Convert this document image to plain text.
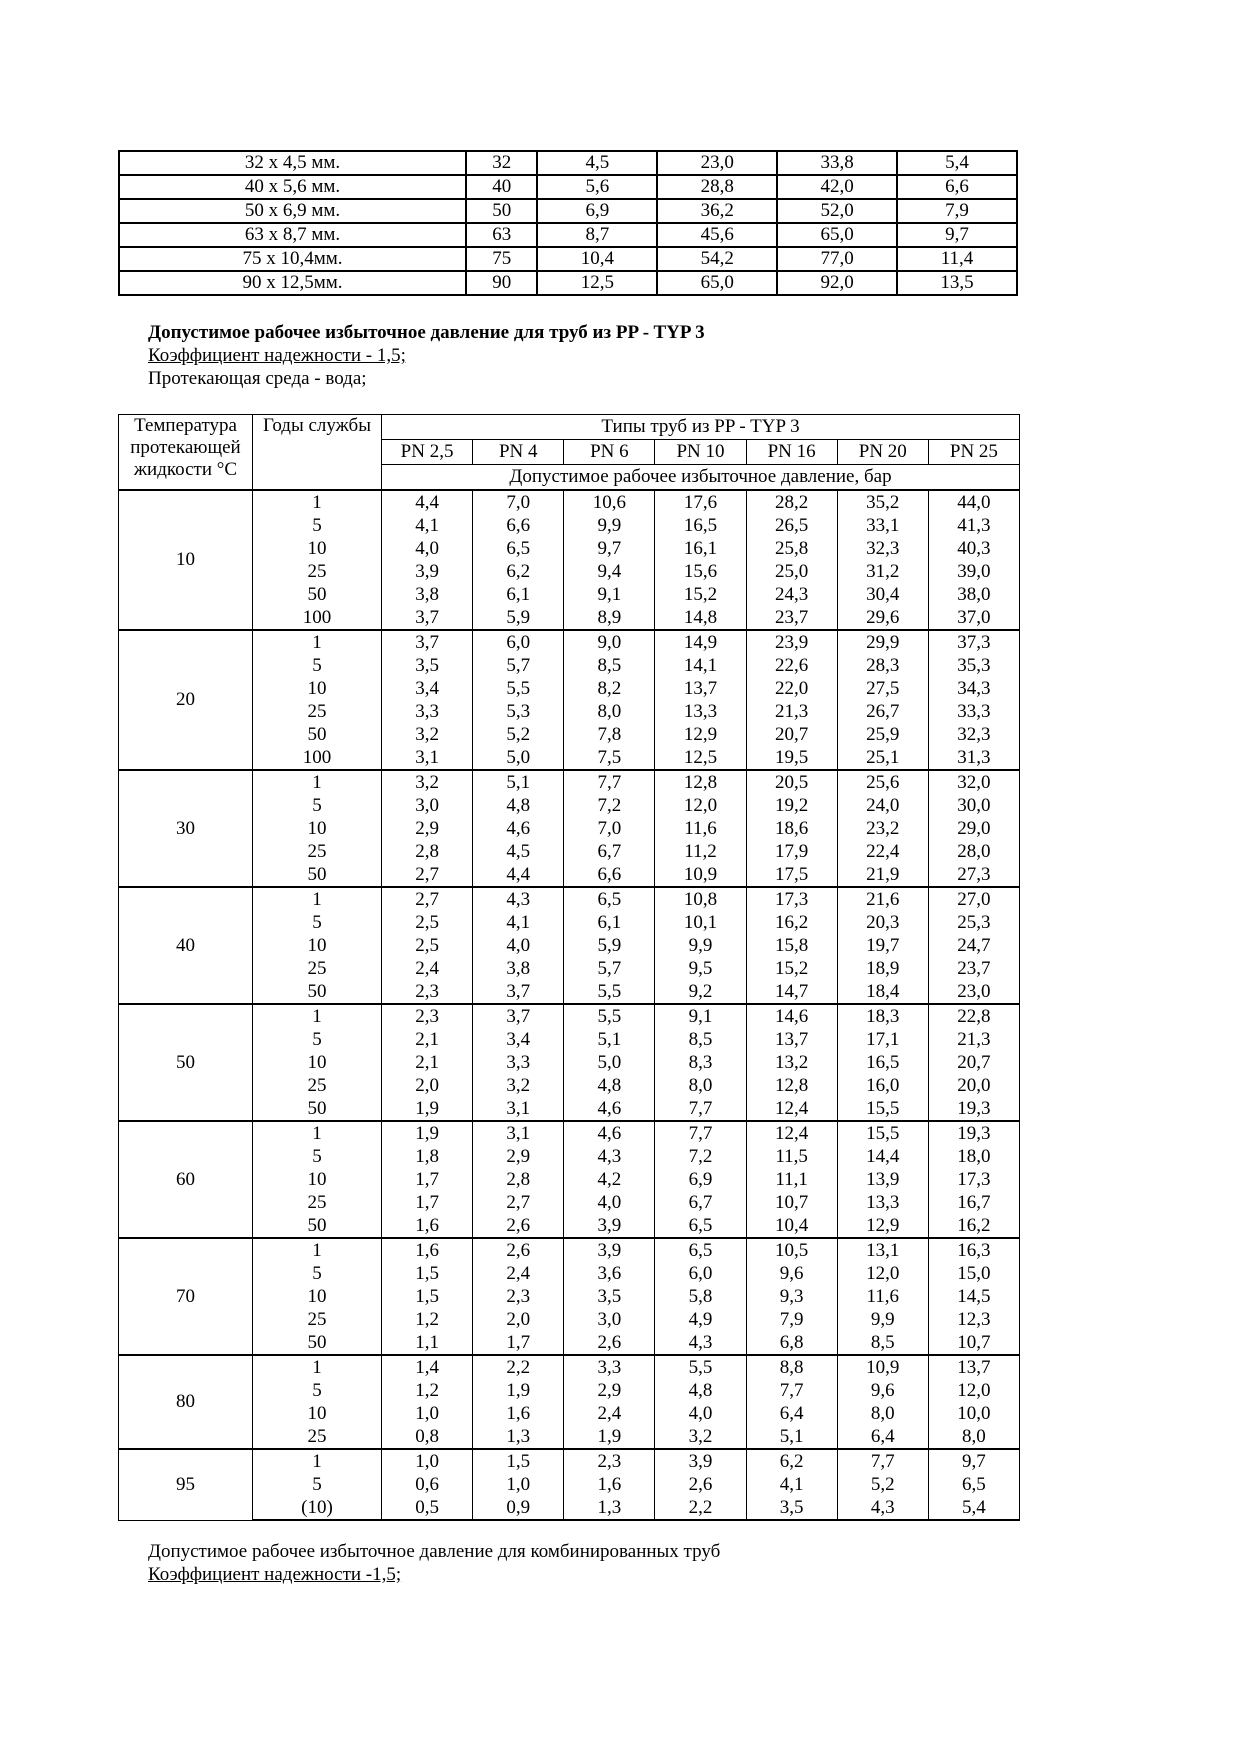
32 x 4,5 мм.	32	4,5	23,0	33,8	5,4
40 x 5,6 мм.	40	5,6	28,8	42,0	6,6
50 x 6,9 мм.	50	6,9	36,2	52,0	7,9
63 x 8,7 мм.	63	8,7	45,6	65,0	9,7
75 x 10,4мм.	75	10,4	54,2	77,0	11,4
90 x 12,5мм.	90	12,5	65,0	92,0	13,5
Допустимое рабочее избыточное давление для труб из PP - TYP 3
Коэффициент надежности - 1,5;
Протекающая среда - вода;
Температура
протекающей
жидкости °С	Годы службы	Типы труб из PP - TYP 3						
		PN 2,5	PN 4	PN 6	PN 10	PN 16	PN 20	PN 25
		Допустимое рабочее избыточное давление, бар						
10	1	4,4	7,0	10,6	17,6	28,2	35,2	44,0
	5	4,1	6,6	9,9	16,5	26,5	33,1	41,3
	10	4,0	6,5	9,7	16,1	25,8	32,3	40,3
	25	3,9	6,2	9,4	15,6	25,0	31,2	39,0
	50	3,8	6,1	9,1	15,2	24,3	30,4	38,0
	100	3,7	5,9	8,9	14,8	23,7	29,6	37,0
20	1	3,7	6,0	9,0	14,9	23,9	29,9	37,3
	5	3,5	5,7	8,5	14,1	22,6	28,3	35,3
	10	3,4	5,5	8,2	13,7	22,0	27,5	34,3
	25	3,3	5,3	8,0	13,3	21,3	26,7	33,3
	50	3,2	5,2	7,8	12,9	20,7	25,9	32,3
	100	3,1	5,0	7,5	12,5	19,5	25,1	31,3
30	1	3,2	5,1	7,7	12,8	20,5	25,6	32,0
	5	3,0	4,8	7,2	12,0	19,2	24,0	30,0
	10	2,9	4,6	7,0	11,6	18,6	23,2	29,0
	25	2,8	4,5	6,7	11,2	17,9	22,4	28,0
	50	2,7	4,4	6,6	10,9	17,5	21,9	27,3
40	1	2,7	4,3	6,5	10,8	17,3	21,6	27,0
	5	2,5	4,1	6,1	10,1	16,2	20,3	25,3
	10	2,5	4,0	5,9	9,9	15,8	19,7	24,7
	25	2,4	3,8	5,7	9,5	15,2	18,9	23,7
	50	2,3	3,7	5,5	9,2	14,7	18,4	23,0
50	1	2,3	3,7	5,5	9,1	14,6	18,3	22,8
	5	2,1	3,4	5,1	8,5	13,7	17,1	21,3
	10	2,1	3,3	5,0	8,3	13,2	16,5	20,7
	25	2,0	3,2	4,8	8,0	12,8	16,0	20,0
	50	1,9	3,1	4,6	7,7	12,4	15,5	19,3
60	1	1,9	3,1	4,6	7,7	12,4	15,5	19,3
	5	1,8	2,9	4,3	7,2	11,5	14,4	18,0
	10	1,7	2,8	4,2	6,9	11,1	13,9	17,3
	25	1,7	2,7	4,0	6,7	10,7	13,3	16,7
	50	1,6	2,6	3,9	6,5	10,4	12,9	16,2
70	1	1,6	2,6	3,9	6,5	10,5	13,1	16,3
	5	1,5	2,4	3,6	6,0	9,6	12,0	15,0
	10	1,5	2,3	3,5	5,8	9,3	11,6	14,5
	25	1,2	2,0	3,0	4,9	7,9	9,9	12,3
	50	1,1	1,7	2,6	4,3	6,8	8,5	10,7
80	1	1,4	2,2	3,3	5,5	8,8	10,9	13,7
	5	1,2	1,9	2,9	4,8	7,7	9,6	12,0
	10	1,0	1,6	2,4	4,0	6,4	8,0	10,0
	25	0,8	1,3	1,9	3,2	5,1	6,4	8,0
95	1	1,0	1,5	2,3	3,9	6,2	7,7	9,7
	5	0,6	1,0	1,6	2,6	4,1	5,2	6,5
	(10)	0,5	0,9	1,3	2,2	3,5	4,3	5,4
Допустимое рабочее избыточное давление для комбинированных труб
Коэффициент надежности -1,5;
